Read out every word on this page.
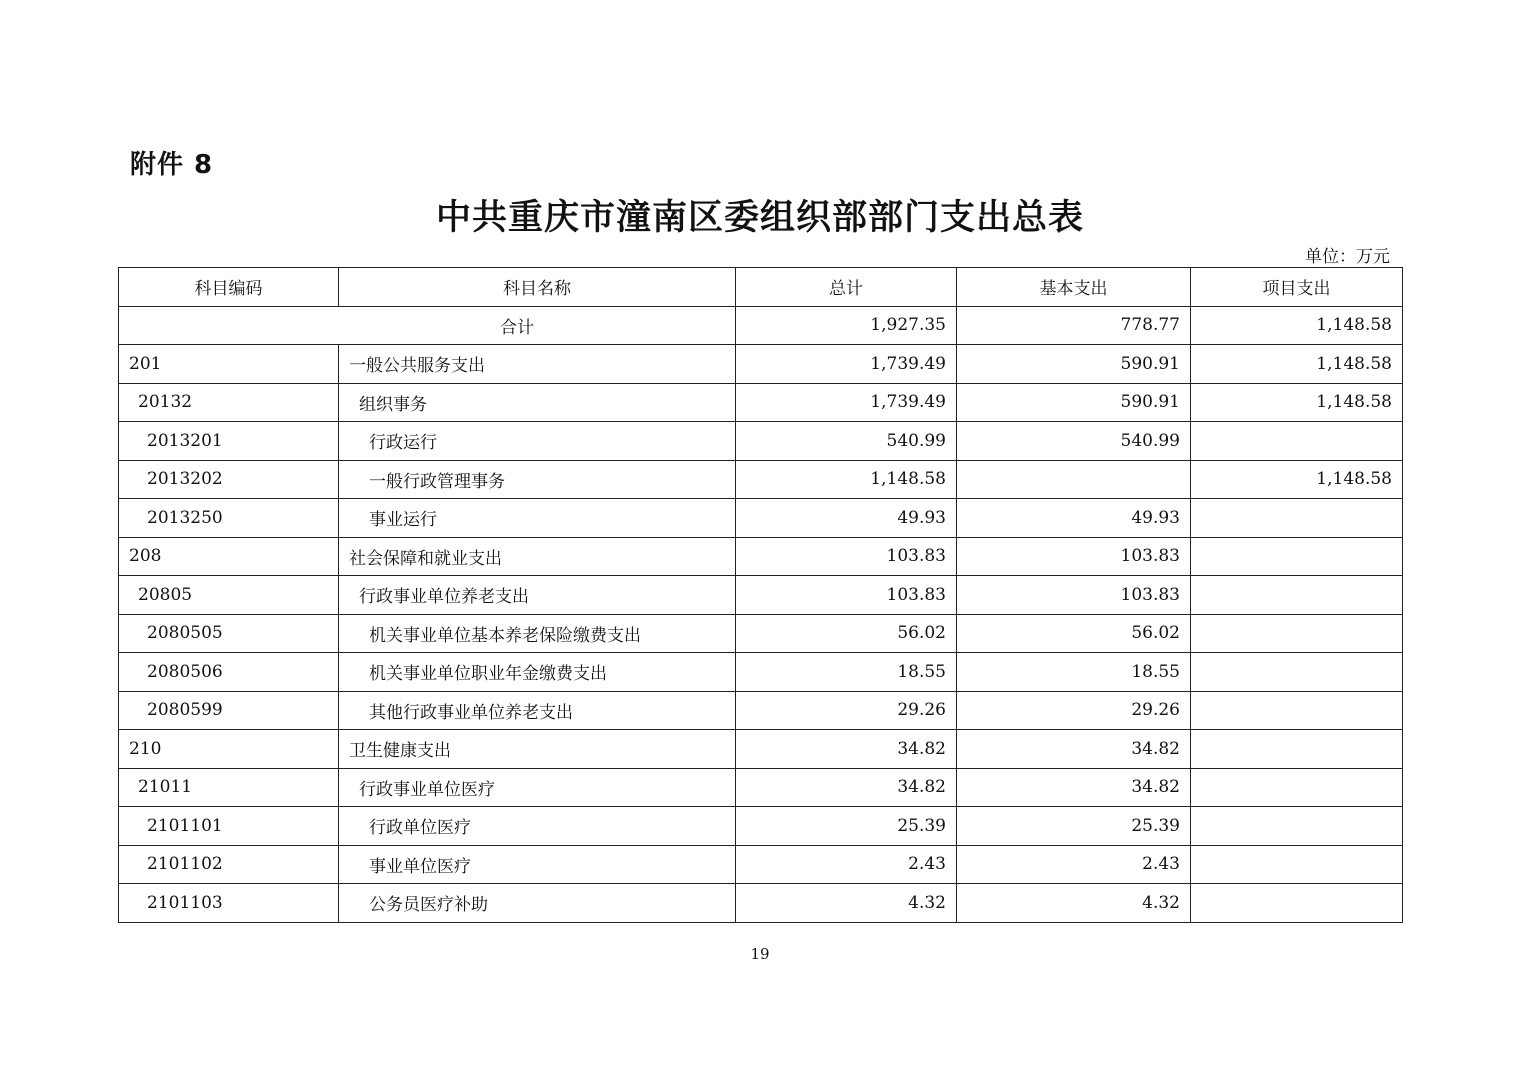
附件 8
中共重庆市潼南区委组织部部门支出总表
单位：万元
科目编码	科目名称	总计	基本支出	项目支出
合计		1,927.35	778.77	1,148.58
201	一般公共服务支出	1,739.49	590.91	1,148.58
20132	组织事务	1,739.49	590.91	1,148.58
2013201	行政运行	540.99	540.99	
2013202	一般行政管理事务	1,148.58		1,148.58
2013250	事业运行	49.93	49.93	
208	社会保障和就业支出	103.83	103.83	
20805	行政事业单位养老支出	103.83	103.83	
2080505	机关事业单位基本养老保险缴费支出	56.02	56.02	
2080506	机关事业单位职业年金缴费支出	18.55	18.55	
2080599	其他行政事业单位养老支出	29.26	29.26	
210	卫生健康支出	34.82	34.82	
21011	行政事业单位医疗	34.82	34.82	
2101101	行政单位医疗	25.39	25.39	
2101102	事业单位医疗	2.43	2.43	
2101103	公务员医疗补助	4.32	4.32	
19
